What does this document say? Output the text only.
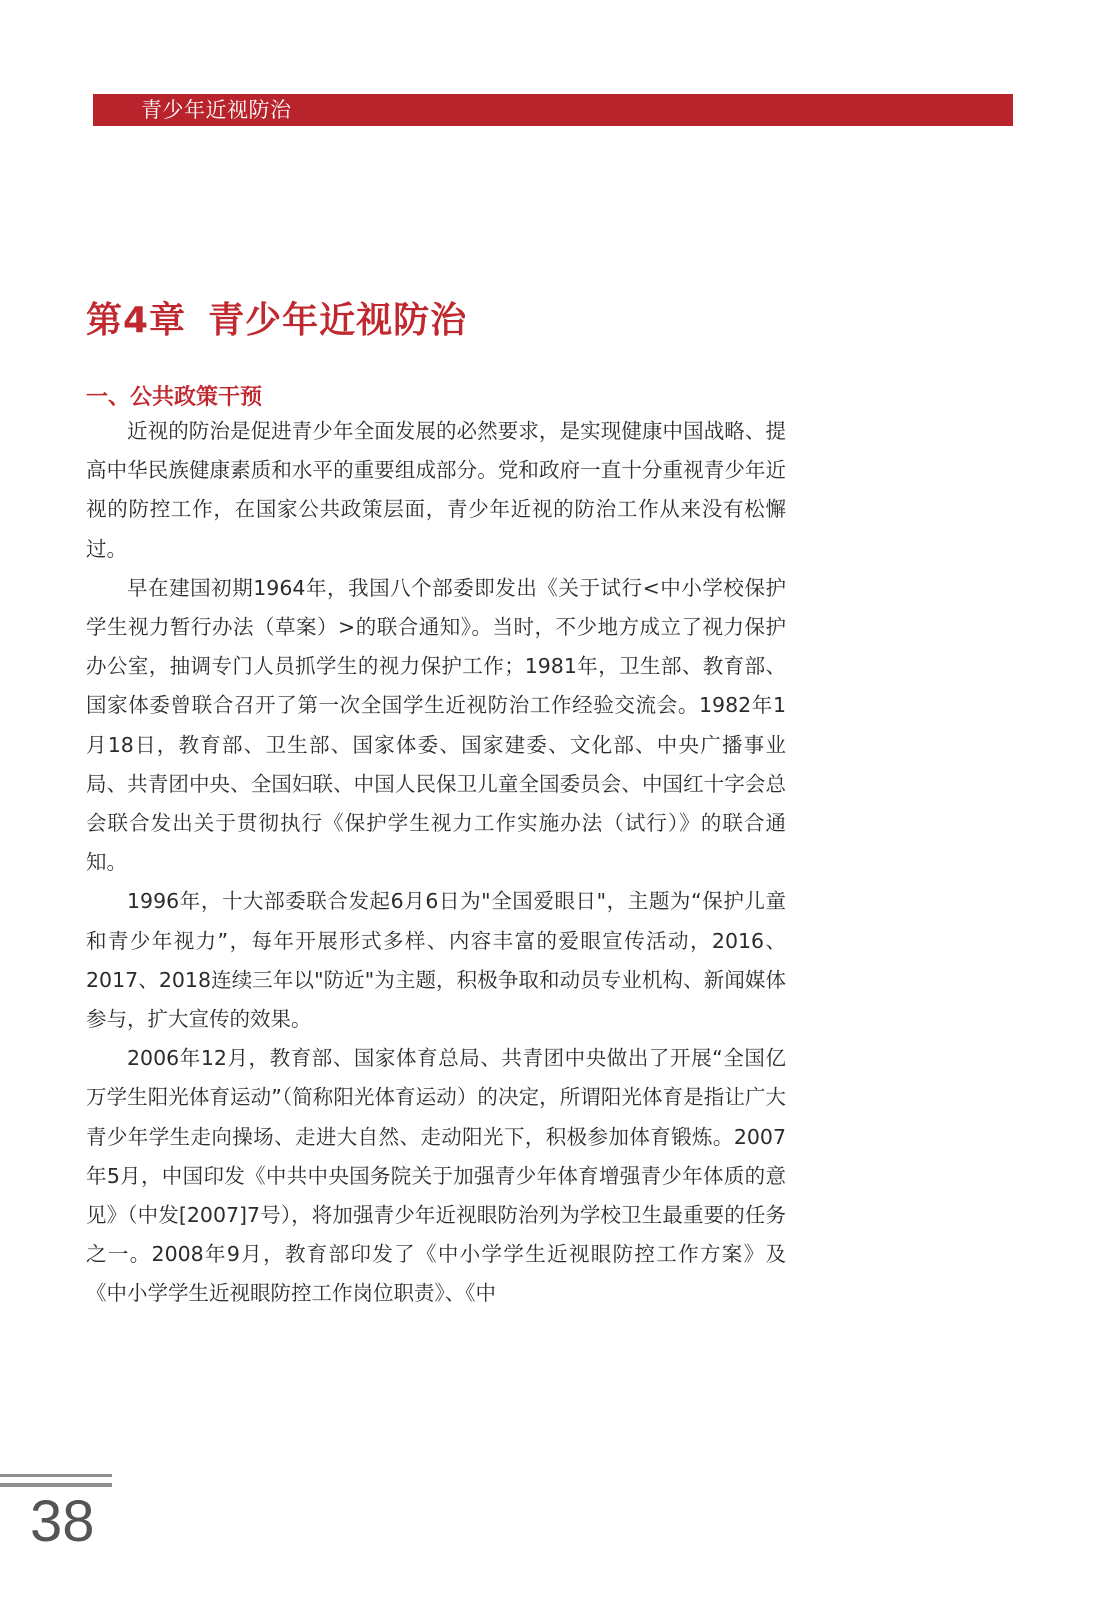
青少年近视防治
第4章 青少年近视防治
一、公共政策干预

近视的防治是促进青少年全面发展的必然要求，是实现健康中国战略、提高中华民族健康素质和水平的重要组成部分。党和政府一直十分重视青少年近视的防控工作，在国家公共政策层面，青少年近视的防治工作从来没有松懈过。

早在建国初期1964年，我国八个部委即发出《关于试行<中小学校保护学生视力暂行办法（草案）>的联合通知》。当时，不少地方成立了视力保护办公室，抽调专门人员抓学生的视力保护工作；1981年，卫生部、教育部、国家体委曾联合召开了第一次全国学生近视防治工作经验交流会。1982年1月18日，教育部、卫生部、国家体委、国家建委、文化部、中央广播事业局、共青团中央、全国妇联、中国人民保卫儿童全国委员会、中国红十字会总会联合发出关于贯彻执行《保护学生视力工作实施办法（试行）》的联合通知。

1996年，十大部委联合发起6月6日为"全国爱眼日"，主题为“保护儿童和青少年视力”，每年开展形式多样、内容丰富的爱眼宣传活动，2016、2017、2018连续三年以"防近"为主题，积极争取和动员专业机构、新闻媒体参与，扩大宣传的效果。

2006年12月，教育部、国家体育总局、共青团中央做出了开展“全国亿万学生阳光体育运动”（简称阳光体育运动）的决定，所谓阳光体育是指让广大青少年学生走向操场、走进大自然、走动阳光下，积极参加体育锻炼。2007年5月，中国印发《中共中央国务院关于加强青少年体育增强青少年体质的意见》（中发[2007]7号），将加强青少年近视眼防治列为学校卫生最重要的任务之一。2008年9月，教育部印发了《中小学学生近视眼防控工作方案》及《中小学学生近视眼防控工作岗位职责》、《中

38
